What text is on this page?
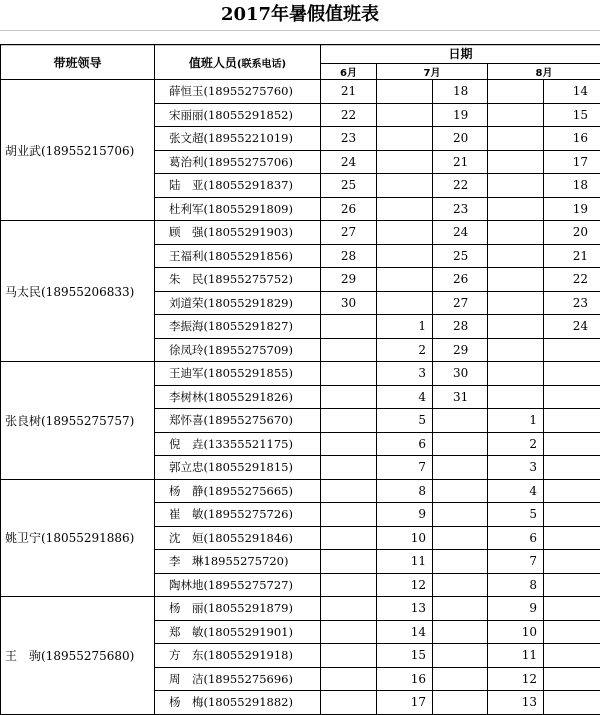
2017年暑假值班表
带班领导	值班人员(联系电话)	日期				
		6月	7月		8月	
胡业武(18955215706)	薛恒玉(18955275760)	21		18		14
	宋丽丽(18055291852)	22		19		15
	张文超(18955221019)	23		20		16
	葛治利(18955275706)	24		21		17
	陆　亚(18055291837)	25		22		18
	杜利军(18055291809)	26		23		19
马太民(18955206833)	顾　强(18055291903)	27		24		20
	王福利(18055291856)	28		25		21
	朱　民(18955275752)	29		26		22
	刘道荣(18055291829)	30		27		23
	李振海(18055291827)		1	28		24
	徐凤玲(18955275709)		2	29		
张良树(18955275757)	王迪军(18055291855)		3	30		
	李树林(18055291826)		4	31		
	郑怀喜(18955275670)		5		1	
	倪　垚(13355521175)		6		2	
	郭立忠(18055291815)		7		3	
姚卫宁(18055291886)	杨　静(18955275665)		8		4	
	崔　敏(18955275726)		9		5	
	沈　姮(18055291846)		10		6	
	李　琳18955275720)		11		7	
	陶林地(18955275727)		12		8	
王　驹(18955275680)	杨　丽(18055291879)		13		9	
	郑　敏(18055291901)		14		10	
	方　东(18055291918)		15		11	
	周　洁(18955275696)		16		12	
	杨　梅(18055291882)		17		13	
